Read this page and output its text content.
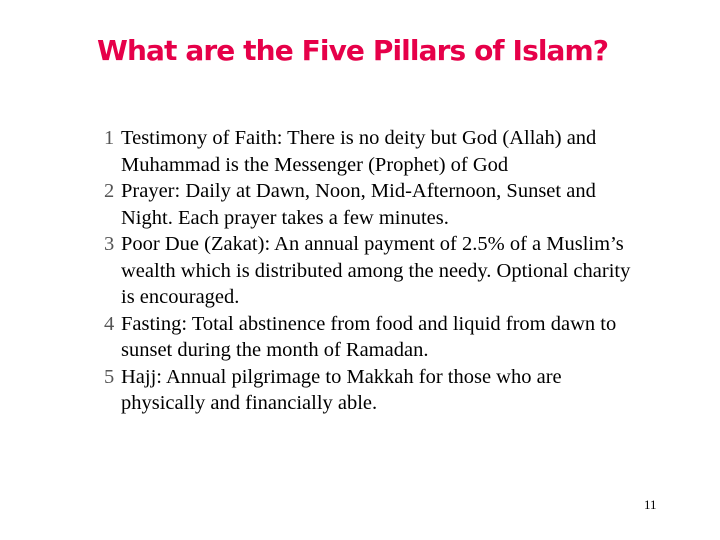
What are the Five Pillars of Islam?
1 Testimony of Faith: There is no deity but God (Allah) and Muhammad is the Messenger (Prophet) of God
2 Prayer: Daily at Dawn, Noon, Mid-Afternoon, Sunset and Night. Each prayer takes a few minutes.
3 Poor Due (Zakat): An annual payment of 2.5% of a Muslim’s wealth which is distributed among the needy. Optional charity is encouraged.
4 Fasting: Total abstinence from food and liquid from dawn to sunset during the month of Ramadan.
5 Hajj: Annual pilgrimage to Makkah for those who are physically and financially able.
11
